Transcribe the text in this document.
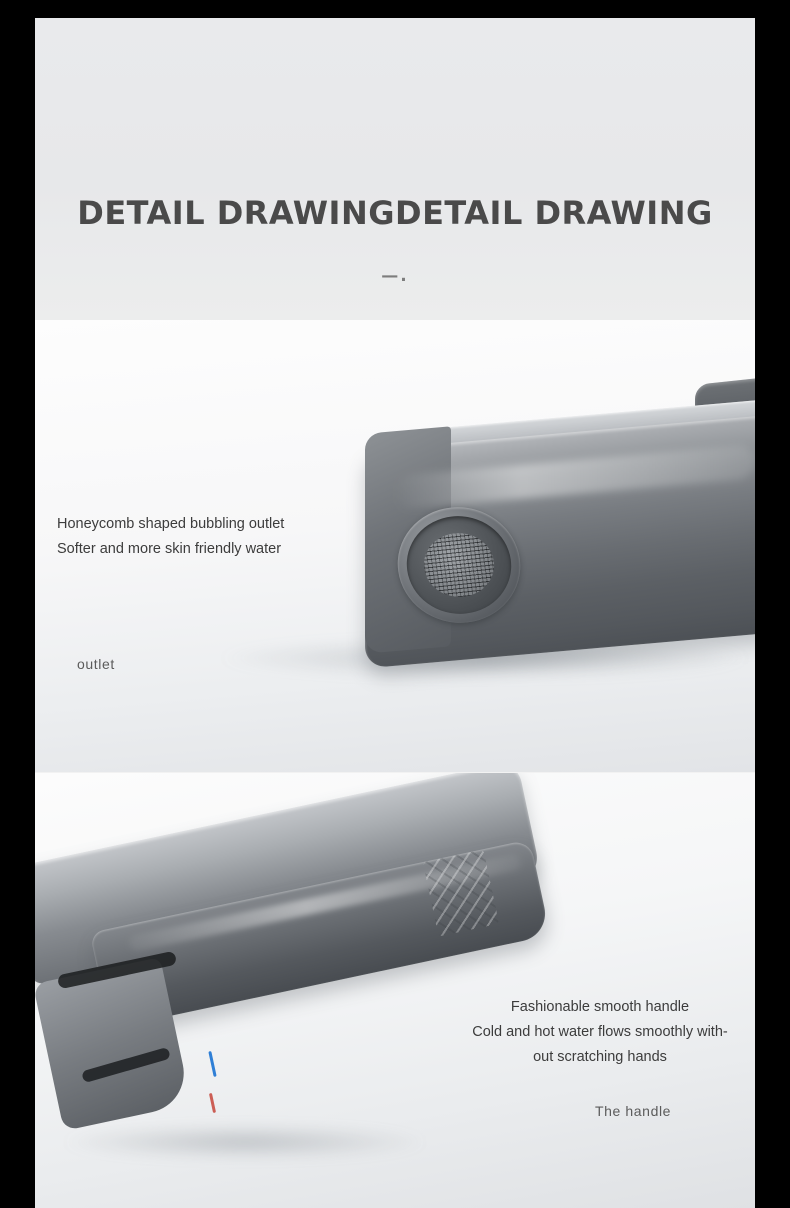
DETAIL DRAWINGDETAIL DRAWING
—.
Honeycomb shaped bubbling outlet
Softer and more skin friendly water
outlet
Fashionable smooth handle
Cold and hot water flows smoothly with-
out scratching hands
The handle
